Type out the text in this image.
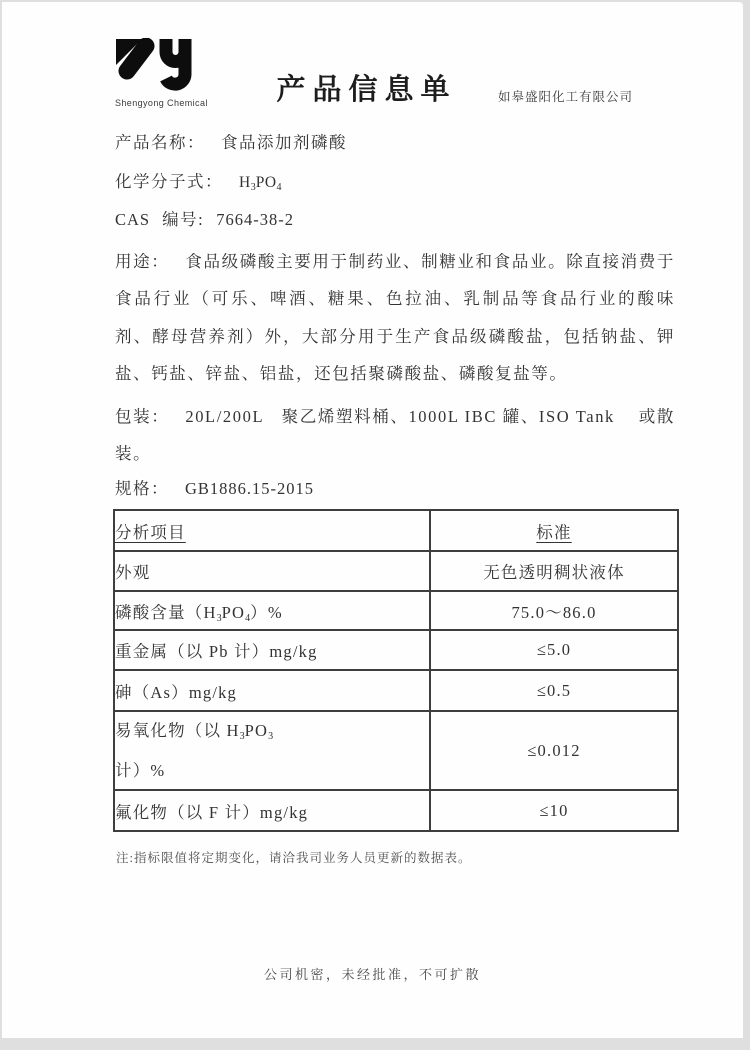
Shengyong Chemical	产品信息单	如皋盛阳化工有限公司
产品名称： 食品添加剂磷酸
化学分子式： $H_3PO_4$
CAS 编号: 7664-38-2

用途： 食品级磷酸主要用于制药业、制糖业和食品业。除直接消费于食品行业（可乐、啤酒、糖果、色拉油、乳制品等食品行业的酸味剂、酵母营养剂）外，大部分用于生产食品级磷酸盐，包括钠盐、钾盐、钙盐、锌盐、铝盐，还包括聚磷酸盐、磷酸复盐等。

包装： 20L/200L　聚乙烯塑料桶、1000L IBC 罐、ISO Tank　 或散装。

规格： GB1886.15-2015
分析项目	标准
外观	无色透明稠状液体
磷酸含量$(H_3PO_4)\%$	75.0～86.0
重金属（以 Pb 计）mg/kg	≤5.0
砷（As）mg/kg	≤0.5

易氧化物（以 $H_3PO_3$
计）%	≤0.012
氟化物（以 F 计）mg/kg	≤10

注:指标限值将定期变化，请洽我司业务人员更新的数据表。

公司机密，未经批准，不可扩散
